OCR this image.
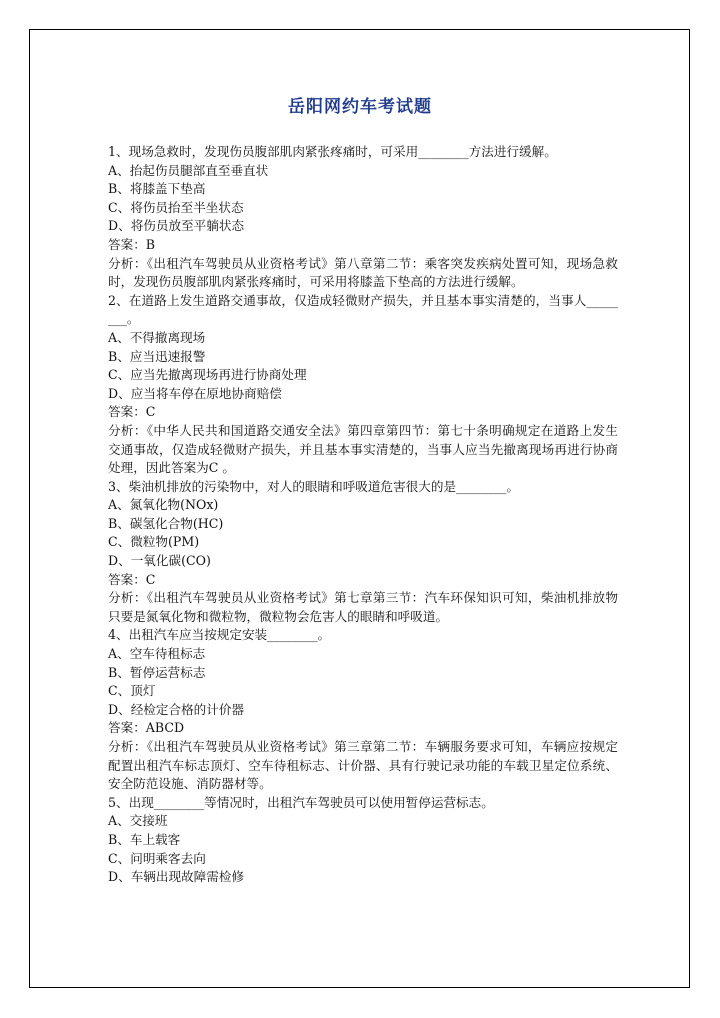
岳阳网约车考试题
1、现场急救时，发现伤员腹部肌肉紧张疼痛时，可采用________方法进行缓解。
A、抬起伤员腿部直至垂直状
B、将膝盖下垫高
C、将伤员抬至半坐状态
D、将伤员放至平躺状态
答案：B
分析：《出租汽车驾驶员从业资格考试》第八章第二节：乘客突发疾病处置可知，现场急救时，发现伤员腹部肌肉紧张疼痛时，可采用将膝盖下垫高的方法进行缓解。
2、在道路上发生道路交通事故，仅造成轻微财产损失，并且基本事实清楚的，当事人________。
A、不得撤离现场
B、应当迅速报警
C、应当先撤离现场再进行协商处理
D、应当将车停在原地协商赔偿
答案：C
分析：《中华人民共和国道路交通安全法》第四章第四节：第七十条明确规定在道路上发生交通事故，仅造成轻微财产损失，并且基本事实清楚的，当事人应当先撤离现场再进行协商处理，因此答案为C 。
3、柴油机排放的污染物中，对人的眼睛和呼吸道危害很大的是________。
A、氮氧化物(NOx)
B、碳氢化合物(HC)
C、微粒物(PM)
D、一氧化碳(CO)
答案：C
分析：《出租汽车驾驶员从业资格考试》第七章第三节：汽车环保知识可知，柴油机排放物只要是氮氧化物和微粒物，微粒物会危害人的眼睛和呼吸道。
4、出租汽车应当按规定安装________。
A、空车待租标志
B、暂停运营标志
C、顶灯
D、经检定合格的计价器
答案：ABCD
分析：《出租汽车驾驶员从业资格考试》第三章第二节：车辆服务要求可知，车辆应按规定配置出租汽车标志顶灯、空车待租标志、计价器、具有行驶记录功能的车载卫星定位系统、安全防范设施、消防器材等。
5、出现________等情况时，出租汽车驾驶员可以使用暂停运营标志。
A、交接班
B、车上载客
C、问明乘客去向
D、车辆出现故障需检修
